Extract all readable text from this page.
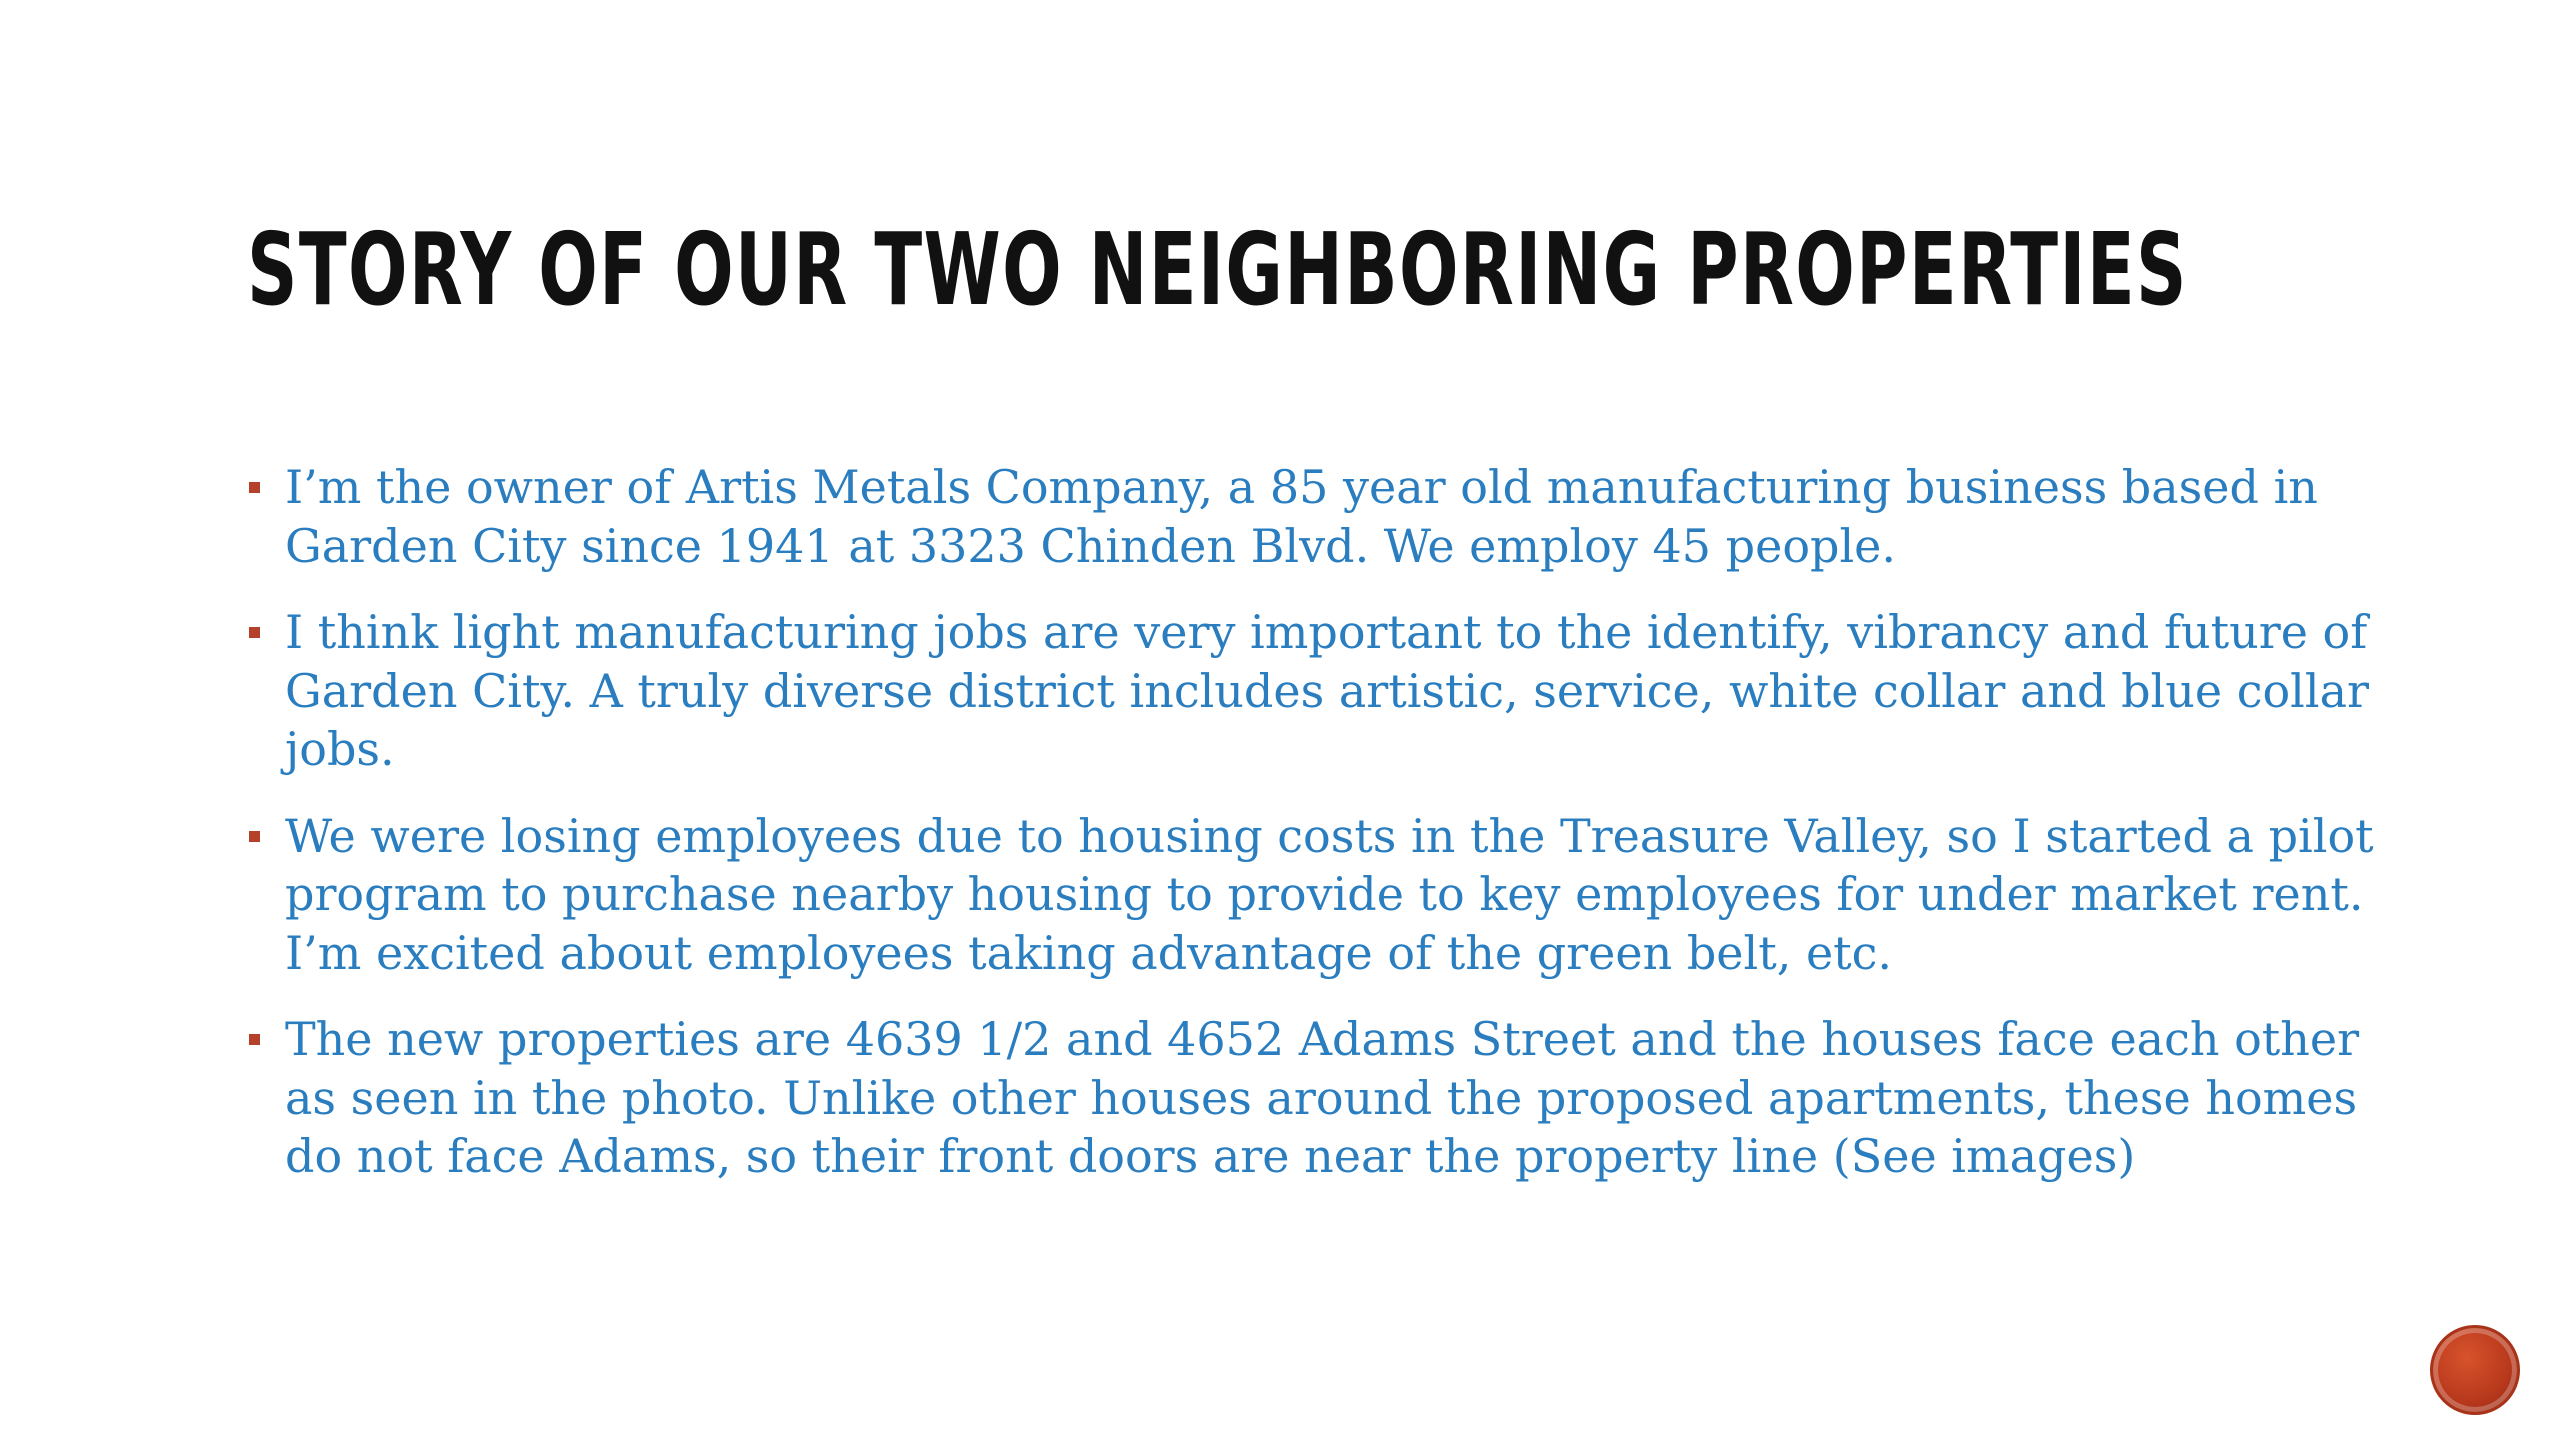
STORY OF OUR TWO NEIGHBORING PROPERTIES
I’m the owner of Artis Metals Company, a 85 year old manufacturing business based in Garden City since 1941 at 3323 Chinden Blvd. We employ 45 people.
I think light manufacturing jobs are very important to the identify, vibrancy and future of Garden City. A truly diverse district includes artistic, service, white collar and blue collar jobs.
We were losing employees due to housing costs in the Treasure Valley, so I started a pilot program to purchase nearby housing to provide to key employees for under market rent. I’m excited about employees taking advantage of the green belt, etc.
The new properties are 4639 1/2 and 4652 Adams Street and the houses face each other as seen in the photo. Unlike other houses around the proposed apartments, these homes do not face Adams, so their front doors are near the property line (See images)
